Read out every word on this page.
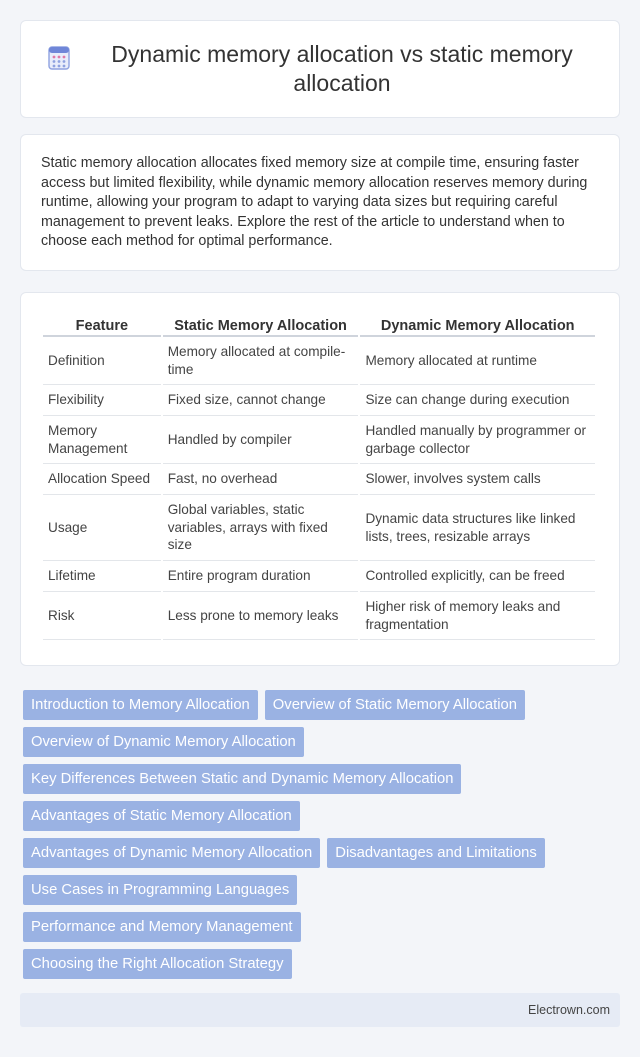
Dynamic memory allocation vs static memory allocation

Static memory allocation allocates fixed memory size at compile time, ensuring faster access but limited flexibility, while dynamic memory allocation reserves memory during runtime, allowing your program to adapt to varying data sizes but requiring careful management to prevent leaks. Explore the rest of the article to understand when to choose each method for optimal performance.

Feature	Static Memory Allocation	Dynamic Memory Allocation
Definition	Memory allocated at compile-time	Memory allocated at runtime
Flexibility	Fixed size, cannot change	Size can change during execution
Memory Management	Handled by compiler	Handled manually by programmer or garbage collector
Allocation Speed	Fast, no overhead	Slower, involves system calls
Usage	Global variables, static variables, arrays with fixed size	Dynamic data structures like linked lists, trees, resizable arrays
Lifetime	Entire program duration	Controlled explicitly, can be freed
Risk	Less prone to memory leaks	Higher risk of memory leaks and fragmentation
Introduction to Memory Allocation	Overview of Static Memory Allocation
Overview of Dynamic Memory Allocation
Key Differences Between Static and Dynamic Memory Allocation
Advantages of Static Memory Allocation
Advantages of Dynamic Memory Allocation	Disadvantages and Limitations
Use Cases in Programming Languages
Performance and Memory Management
Choosing the Right Allocation Strategy
Electrown.com
